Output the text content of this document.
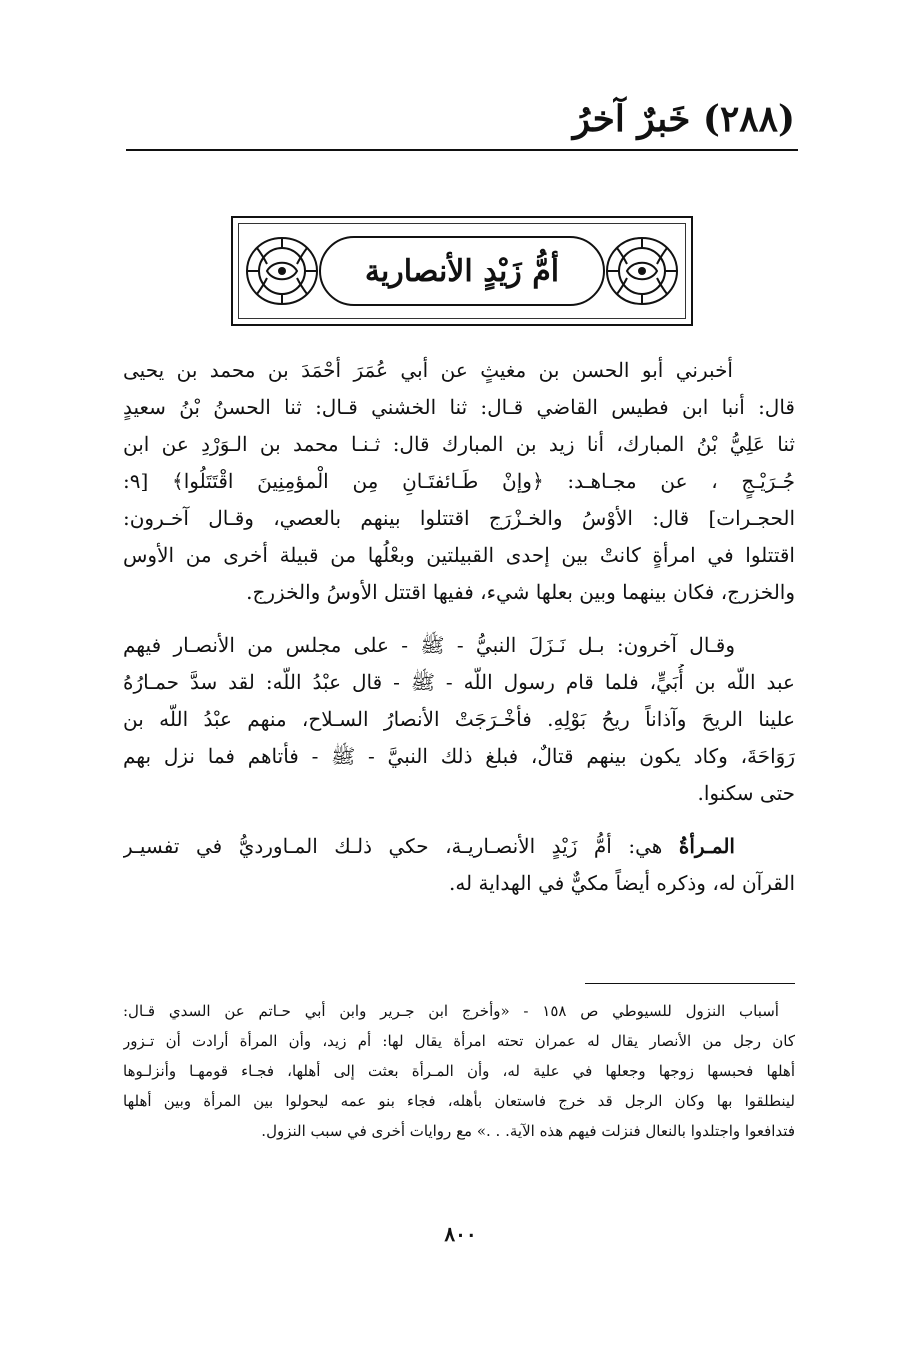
(٢٨٨) خَبرٌ آخرُ
أمُّ زَيْدٍ الأنصارية

أخبرني أبو الحسن بن مغيثٍ عن أبي عُمَرَ أحْمَدَ بن محمد بن يحيى

قال: أنبا ابن فطيس القاضي قـال: ثنا الخشني قـال: ثنا الحسنُ بْنُ سعيدٍ

ثنا عَلِيُّ بْنُ المبارك، أنا زيد بن المبارك قال: ثـنـا محمد بن الـوَرْدِ عن ابن

جُـرَيْـجٍ ، عن مجـاهـد: ﴿وإنْ طَـائفتَـانِ مِن الْمؤمِنِينَ اقْتَتَلُوا﴾ [٩:

الحجـرات] قال: الأوْسُ والخـزْرَج اقتتلوا بينهم بالعصي، وقـال آخـرون:

اقتتلوا في امرأةٍ كانتْ بين إحدى القبيلتين وبعْلُها من قبيلة أخرى من الأوس

والخزرج، فكان بينهما وبين بعلها شيء، ففيها اقتتل الأوسُ والخزرج.

وقـال آخرون: بـل نَـزَلَ النبيُّ - ﷺ - على مجلس من الأنصـار فيهم

عبد اللّه بن أُبَيٍّ، فلما قام رسول اللّه - ﷺ - قال عبْدُ اللّه: لقد سدَّ حمـارُهُ

علينا الريحَ وآذاناً ريحُ بَوْلِهِ. فأخْـرَجَتْ الأنصارُ السـلاح، منهم عبْدُ اللّه بن

رَوَاحَةَ، وكاد يكون بينهم قتالٌ، فبلغ ذلك النبيَّ - ﷺ - فأتاهم فما نزل بهم

حتى سكنوا.

المـرأةُ هي: أمُّ زَيْدٍ الأنصـاريـة، حكي ذلـك المـاورديُّ في تفسيـر

القرآن له، وذكره أيضاً مكيٌّ في الهداية له.

أسباب النزول للسيوطي ص ١٥٨ - «وأخرج ابن جـرير وابن أبي حـاتم عن السدي قـال:

كان رجل من الأنصار يقال له عمران تحته امرأة يقال لها: أم زيد، وأن المرأة أرادت أن تـزور

أهلها فحبسها زوجها وجعلها في علية له، وأن المـرأة بعثت إلى أهلها، فجـاء قومهـا وأنزلـوها

لينطلقوا بها وكان الرجل قد خرج فاستعان بأهله، فجاء بنو عمه ليحولوا بين المرأة وبين أهلها

فتدافعوا واجتلدوا بالنعال فنزلت فيهم هذه الآية. . .» مع روايات أخرى في سبب النزول.

٨٠٠
